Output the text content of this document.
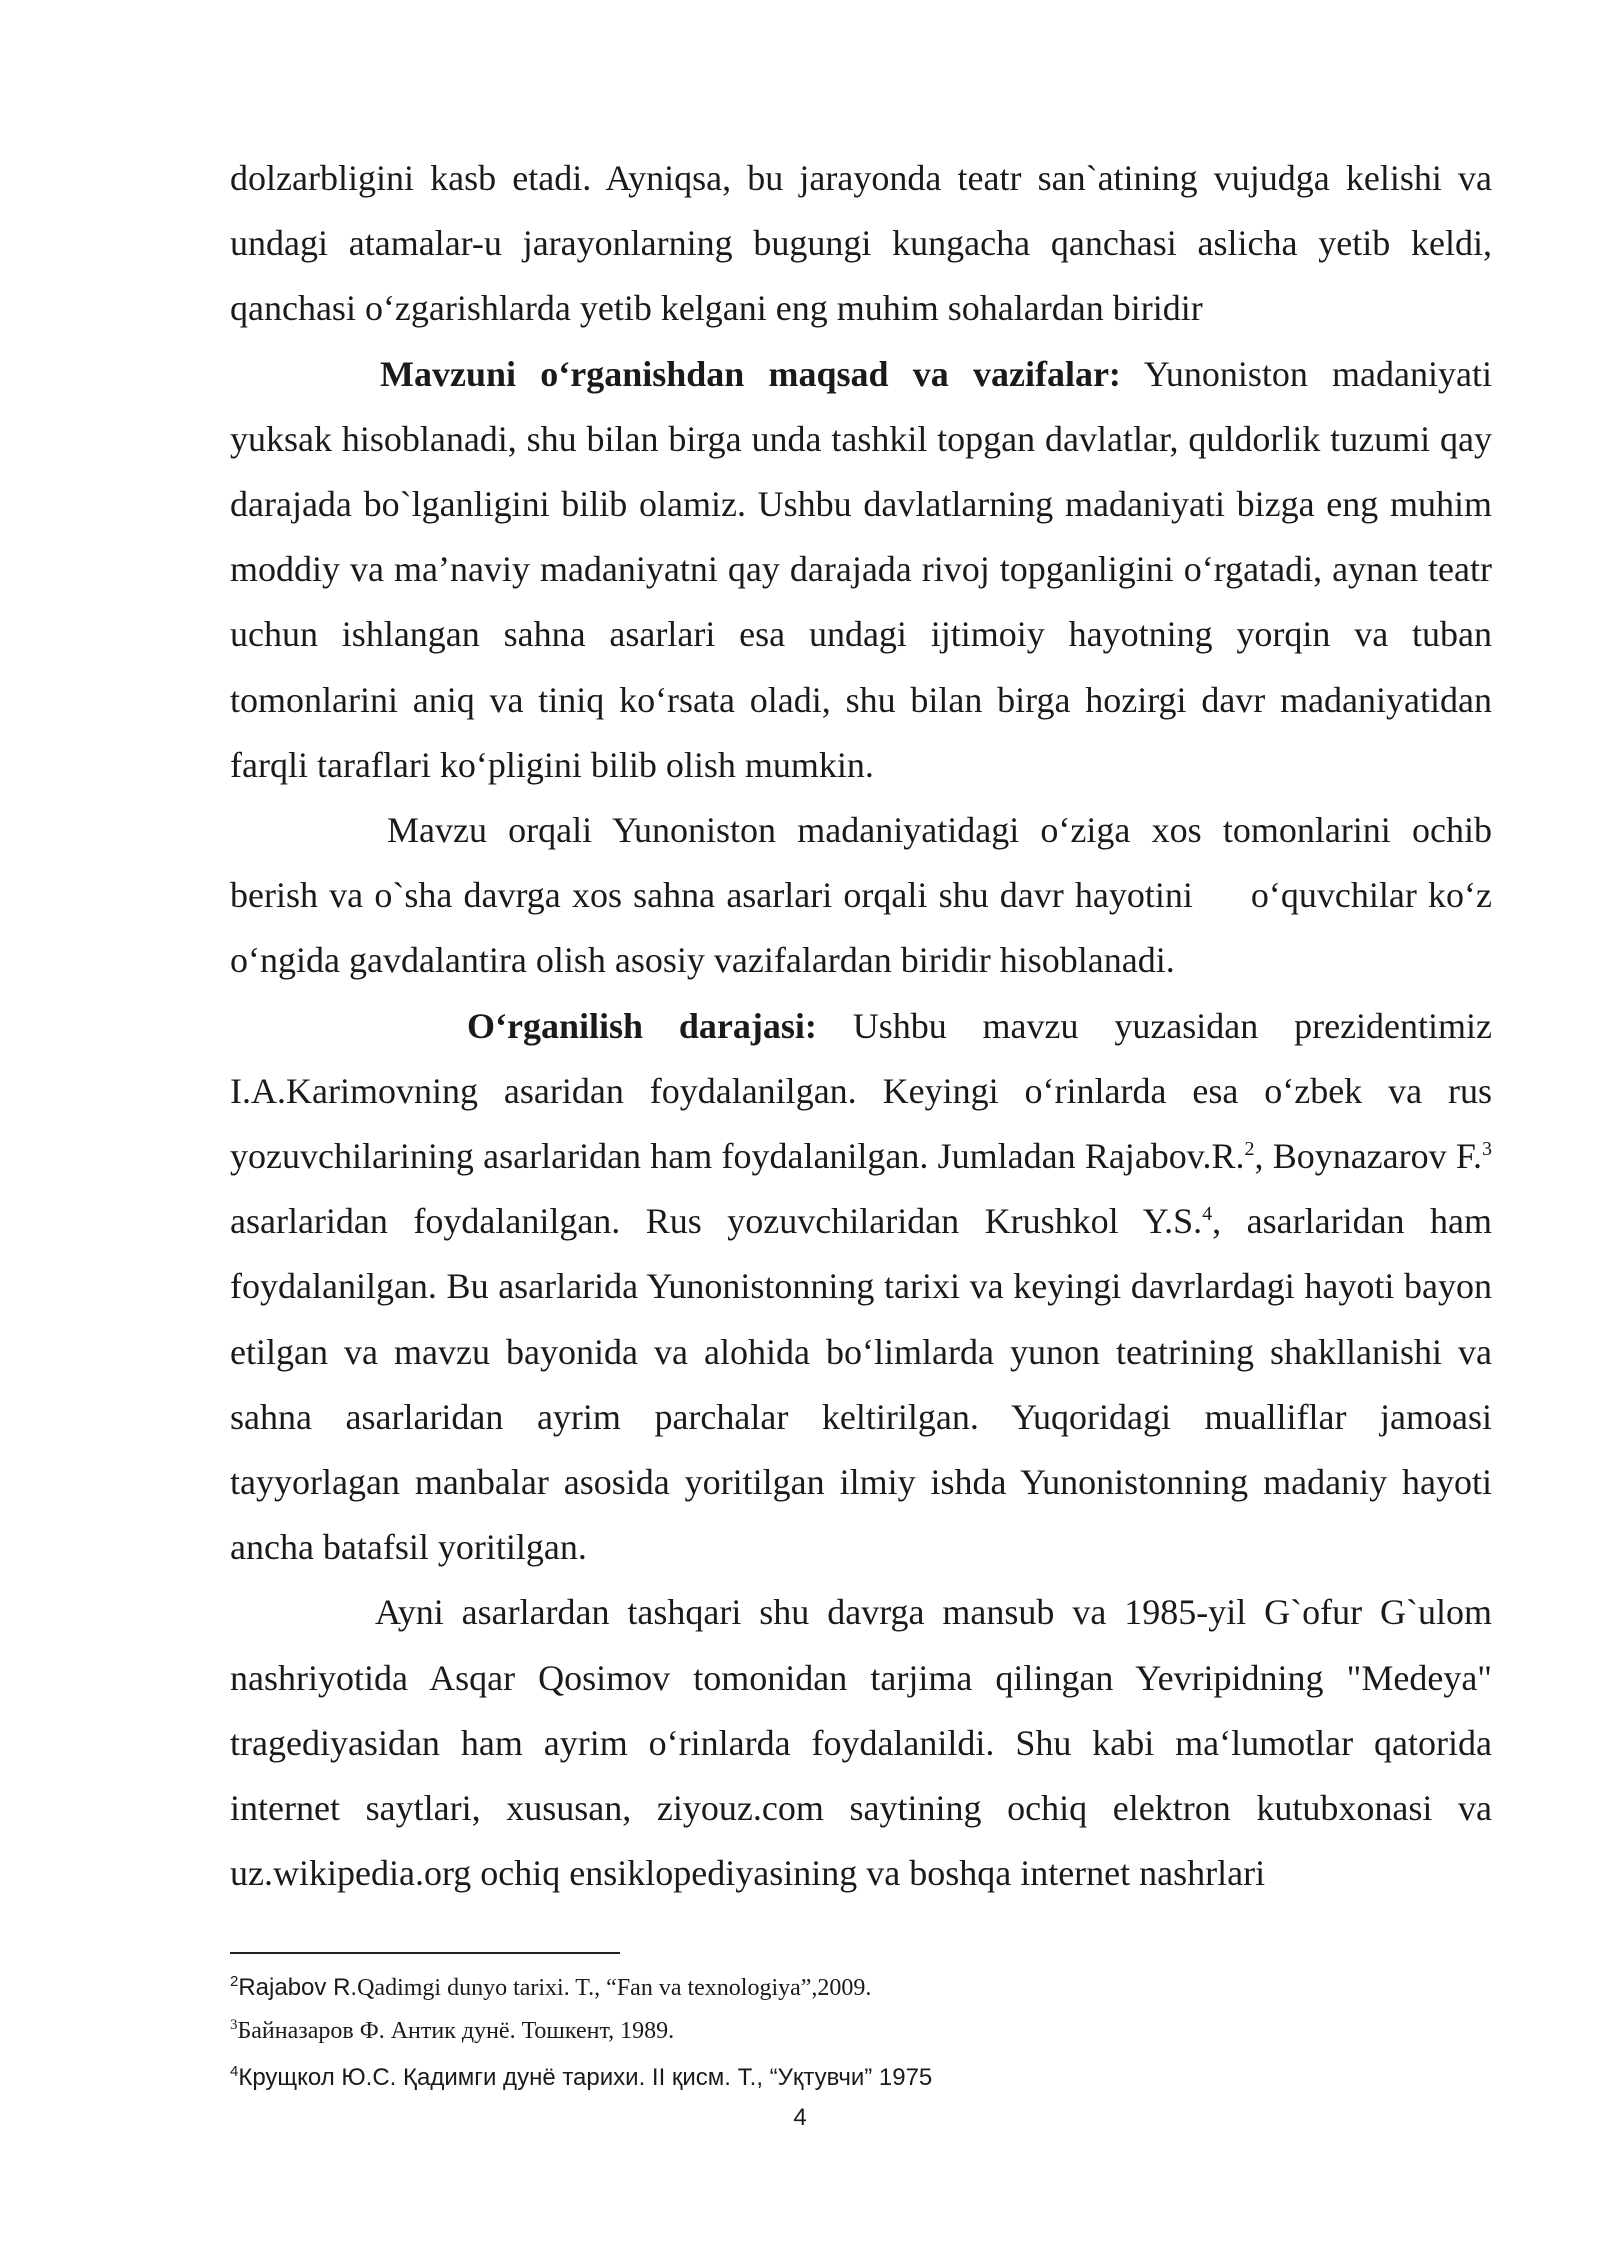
dolzarbligini kasb etadi. Ayniqsa, bu jarayonda teatr san`atining vujudga kelishi va undagi atamalar-u jarayonlarning bugungi kungacha qanchasi aslicha yetib keldi, qanchasi o‘zgarishlarda yetib kelgani eng muhim sohalardan biridir

Mavzuni o‘rganishdan maqsad va vazifalar: Yunoniston madaniyati yuksak hisoblanadi, shu bilan birga unda tashkil topgan davlatlar, quldorlik tuzumi qay darajada bo`lganligini bilib olamiz. Ushbu davlatlarning madaniyati bizga eng muhim moddiy va ma’naviy madaniyatni qay darajada rivoj topganligini o‘rgatadi, aynan teatr uchun ishlangan sahna asarlari esa undagi ijtimoiy hayotning yorqin va tuban tomonlarini aniq va tiniq ko‘rsata oladi, shu bilan birga hozirgi davr madaniyatidan farqli taraflari ko‘pligini bilib olish mumkin.

Mavzu orqali Yunoniston madaniyatidagi o‘ziga xos tomonlarini ochib berish va o`sha davrga xos sahna asarlari orqali shu davr hayotini o‘quvchilar ko‘z o‘ngida gavdalantira olish asosiy vazifalardan biridir hisoblanadi.

O‘rganilish darajasi: Ushbu mavzu yuzasidan prezidentimiz I.A.Karimovning asaridan foydalanilgan. Keyingi o‘rinlarda esa o‘zbek va rus yozuvchilarining asarlaridan ham foydalanilgan. Jumladan Rajabov.R.$^2$, Boynazarov F.$^3$ asarlaridan foydalanilgan. Rus yozuvchilaridan Krushkol Y.S.$^4$, asarlaridan ham foydalanilgan. Bu asarlarida Yunonistonning tarixi va keyingi davrlardagi hayoti bayon etilgan va mavzu bayonida va alohida bo‘limlarda yunon teatrining shakllanishi va sahna asarlaridan ayrim parchalar keltirilgan. Yuqoridagi mualliflar jamoasi tayyorlagan manbalar asosida yoritilgan ilmiy ishda Yunonistonning madaniy hayoti ancha batafsil yoritilgan.

Ayni asarlardan tashqari shu davrga mansub va 1985-yil G`ofur G`ulom nashriyotida Asqar Qosimov tomonidan tarjima qilingan Yevripidning "Medeya" tragediyasidan ham ayrim o‘rinlarda foydalanildi. Shu kabi ma‘lumotlar qatorida internet saytlari, xususan, ziyouz.com saytining ochiq elektron kutubxonasi va uz.wikipedia.org ochiq ensiklopediyasining va boshqa internet nashrlari

$^2$Rajabov R.Qadimgi dunyo tarixi. T., “Fan va texnologiya”,2009.

$^3$Байназаров Ф. Антик дунё. Тошкент, 1989.

$^4$Крущкол Ю.С. Қадимги дунё тарихи. II қисм. Т., “Уқтувчи” 1975

4
